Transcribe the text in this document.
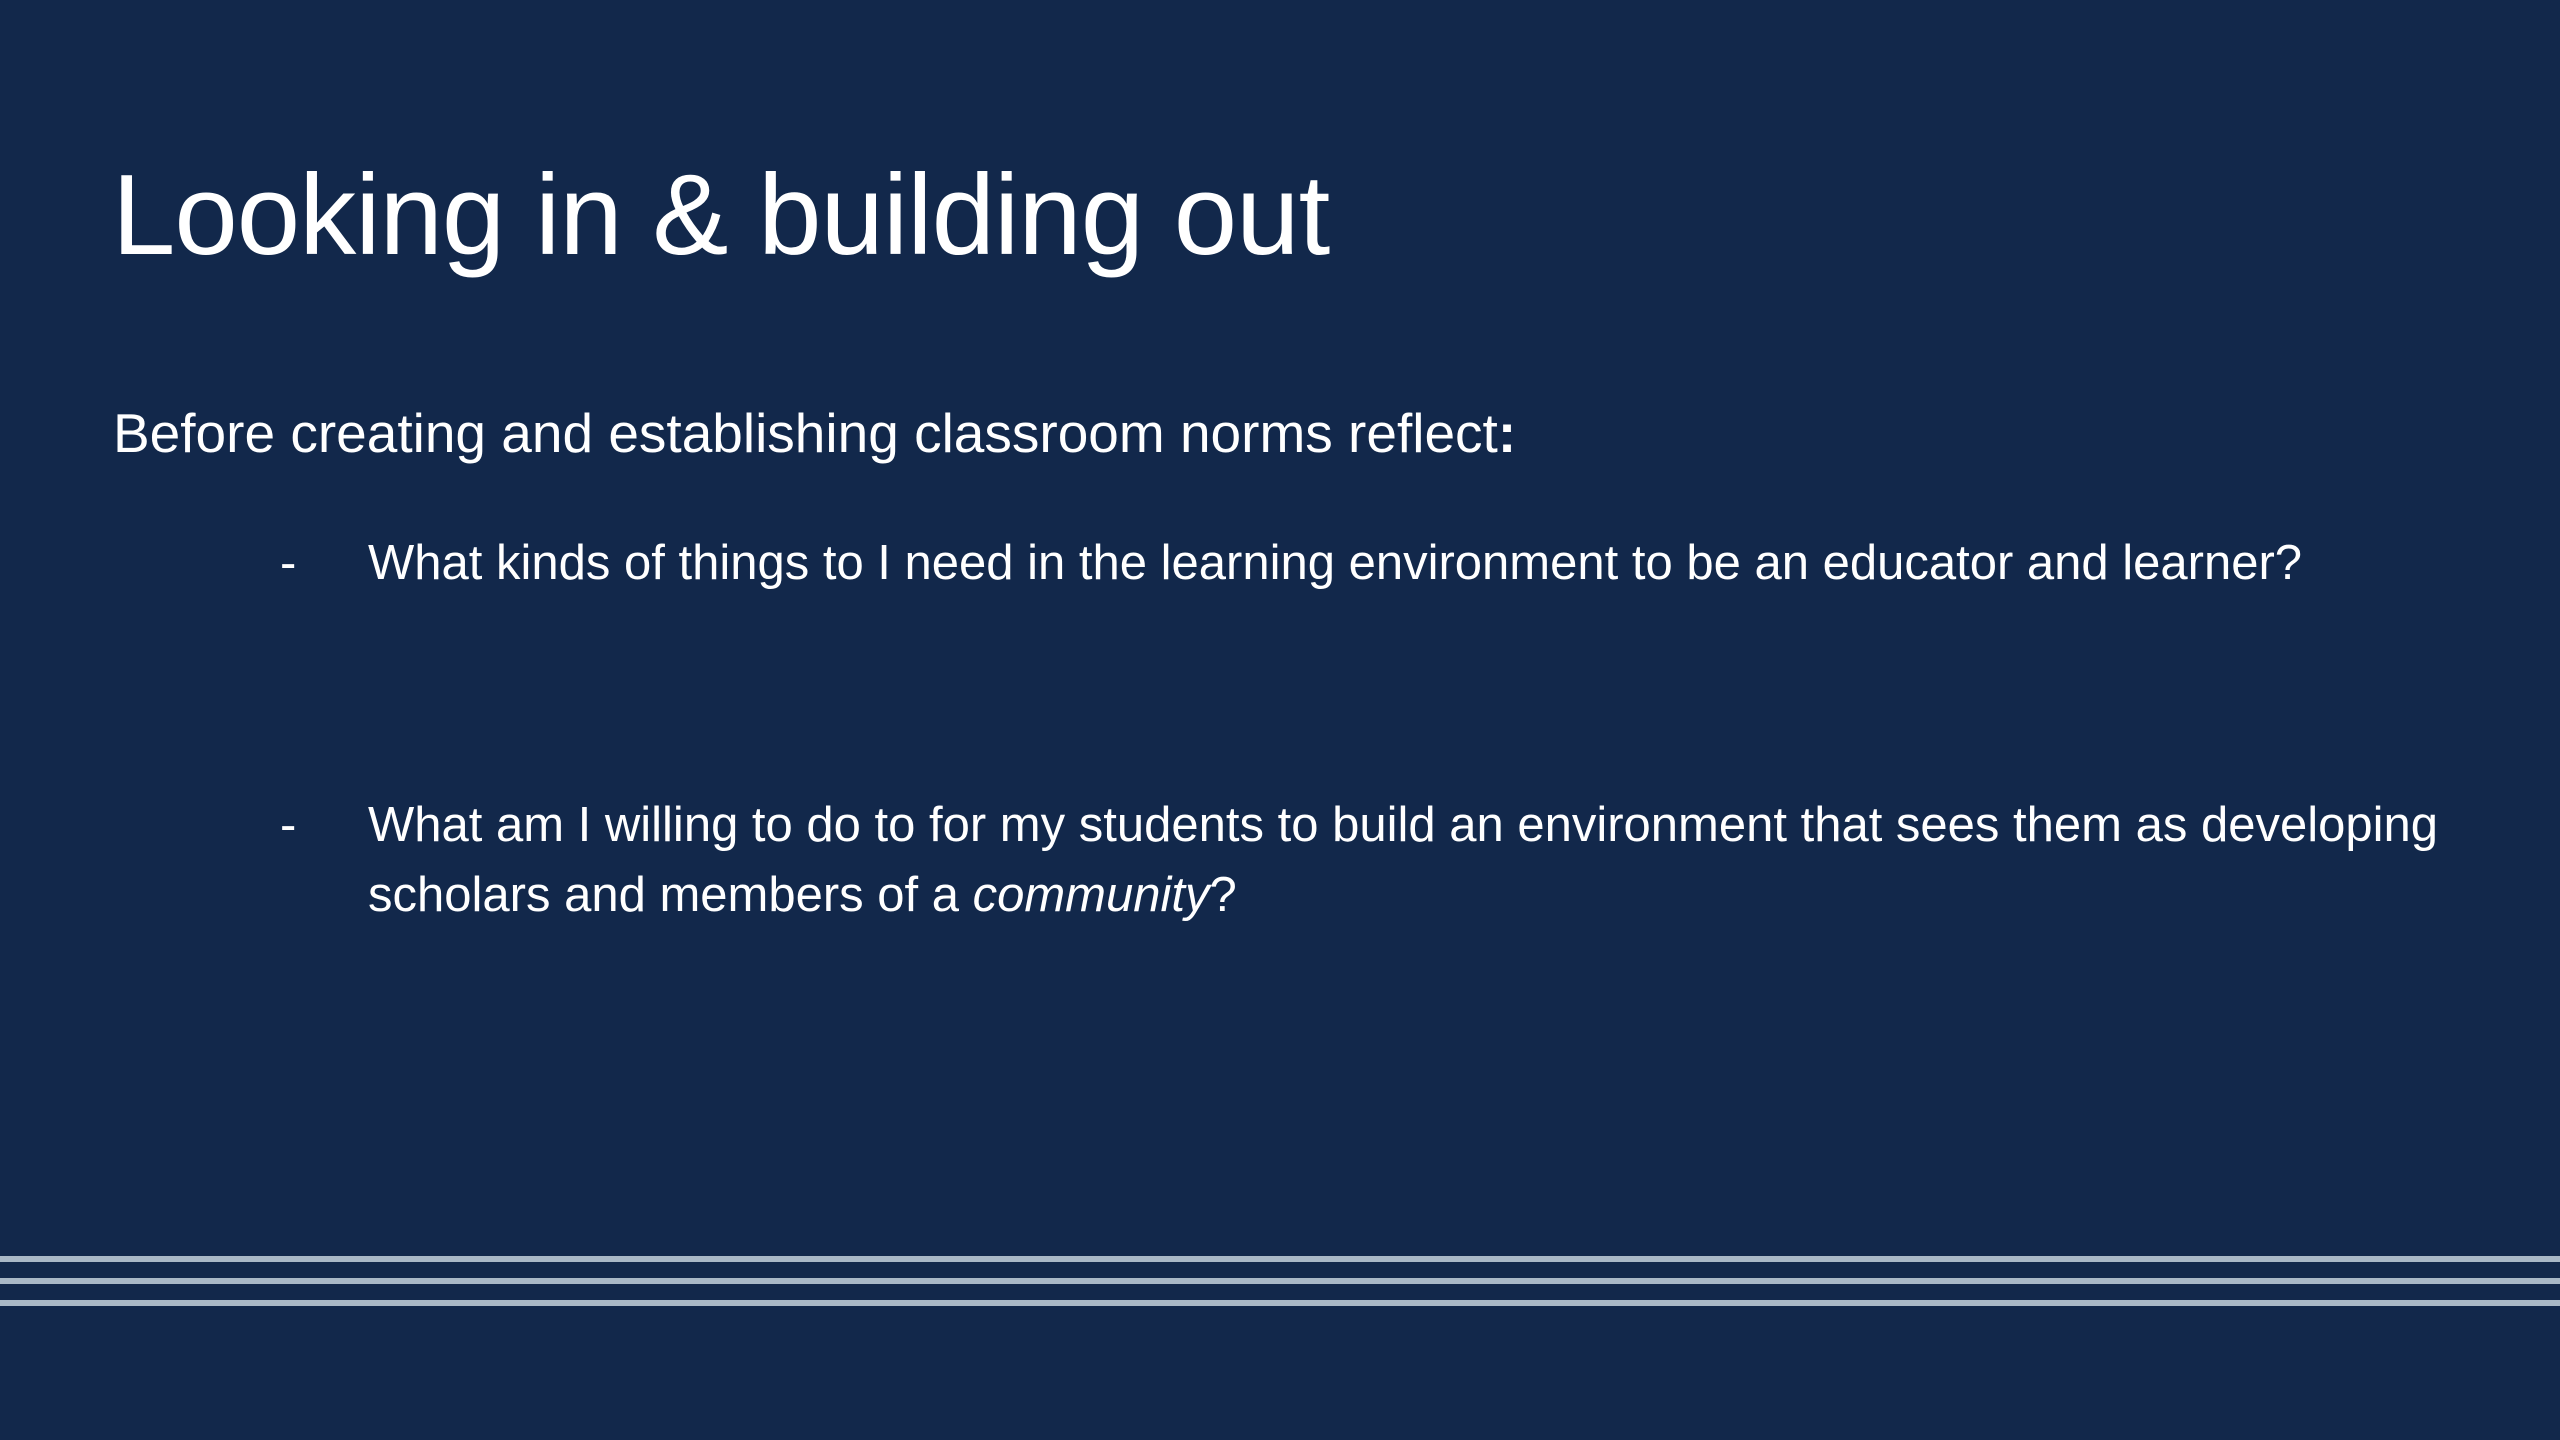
Looking in & building out

Before creating and establishing classroom norms reflect:

- What kinds of things to I need in the learning environment to be an educator and learner?
- What am I willing to do to for my students to build an environment that sees them as developing scholars and members of a community?
